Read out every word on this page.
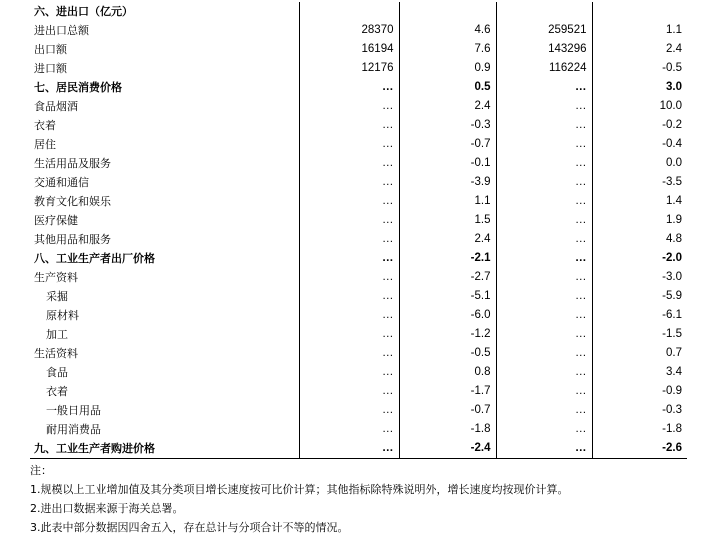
六、进出口（亿元）				
进出口总额	28370	4.6	259521	1.1
出口额	16194	7.6	143296	2.4
进口额	12176	0.9	116224	-0.5
七、居民消费价格	…	0.5	…	3.0
食品烟酒	…	2.4	…	10.0
衣着	…	-0.3	…	-0.2
居住	…	-0.7	…	-0.4
生活用品及服务	…	-0.1	…	0.0
交通和通信	…	-3.9	…	-3.5
教育文化和娱乐	…	1.1	…	1.4
医疗保健	…	1.5	…	1.9
其他用品和服务	…	2.4	…	4.8
八、工业生产者出厂价格	…	-2.1	…	-2.0
生产资料	…	-2.7	…	-3.0
采掘	…	-5.1	…	-5.9
原材料	…	-6.0	…	-6.1
加工	…	-1.2	…	-1.5
生活资料	…	-0.5	…	0.7
食品	…	0.8	…	3.4
衣着	…	-1.7	…	-0.9
一般日用品	…	-0.7	…	-0.3
耐用消费品	…	-1.8	…	-1.8
九、工业生产者购进价格	…	-2.4	…	-2.6
注：
1.规模以上工业增加值及其分类项目增长速度按可比价计算；其他指标除特殊说明外，增长速度均按现价计算。
2.进出口数据来源于海关总署。
3.此表中部分数据因四舍五入，存在总计与分项合计不等的情况。
